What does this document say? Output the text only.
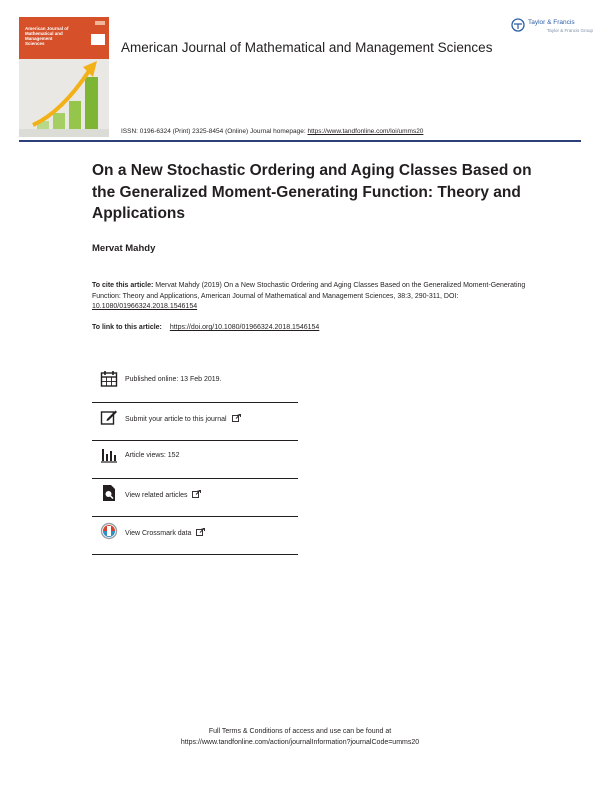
American Journal of
Mathematical and
Management
Sciences
Taylor & Francis
Taylor & Francis Group
American Journal of Mathematical and Management Sciences
ISSN: 0196-6324 (Print) 2325-8454 (Online) Journal homepage: https://www.tandfonline.com/loi/umms20
On a New Stochastic Ordering and Aging Classes Based on the Generalized Moment-Generating Function: Theory and Applications
Mervat Mahdy
To cite this article: Mervat Mahdy (2019) On a New Stochastic Ordering and Aging Classes Based on the Generalized Moment-Generating Function: Theory and Applications, American Journal of Mathematical and Management Sciences, 38:3, 290-311, DOI: 10.1080/01966324.2018.1546154
To link to this article: https://doi.org/10.1080/01966324.2018.1546154
Published online: 13 Feb 2019.
Submit your article to this journal
Article views: 152
View related articles
View Crossmark data
Full Terms & Conditions of access and use can be found at
https://www.tandfonline.com/action/journalInformation?journalCode=umms20
